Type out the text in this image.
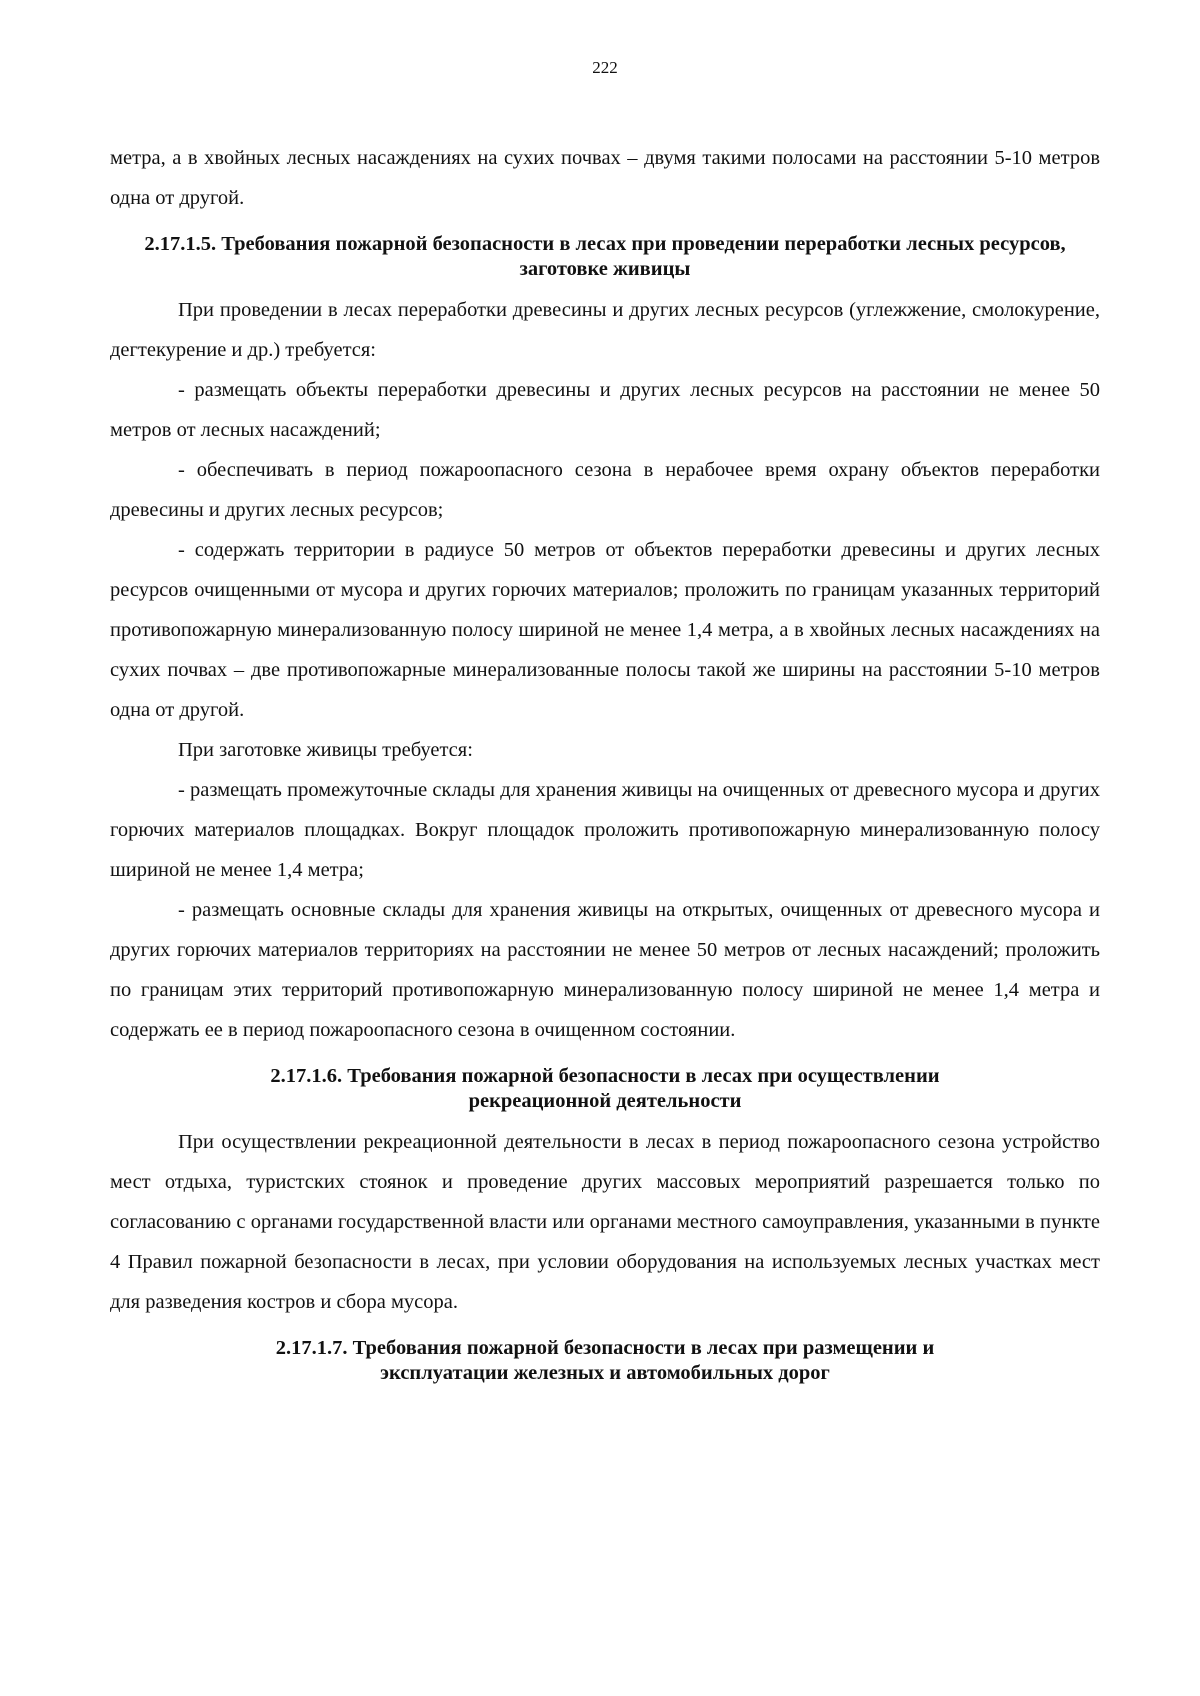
222

метра, а в хвойных лесных насаждениях на сухих почвах – двумя такими полосами на расстоянии 5-10 метров одна от другой.

2.17.1.5. Требования пожарной безопасности в лесах при проведении переработки лесных ресурсов, заготовке живицы

При проведении в лесах переработки древесины и других лесных ресурсов (углежжение, смолокурение, дегтекурение и др.) требуется:

- размещать объекты переработки древесины и других лесных ресурсов на расстоянии не менее 50 метров от лесных насаждений;

- обеспечивать в период пожароопасного сезона в нерабочее время охрану объектов переработки древесины и других лесных ресурсов;

- содержать территории в радиусе 50 метров от объектов переработки древесины и других лесных ресурсов очищенными от мусора и других горючих материалов; проложить по границам указанных территорий противопожарную минерализованную полосу шириной не менее 1,4 метра, а в хвойных лесных насаждениях на сухих почвах – две противопожарные минерализованные полосы такой же ширины на расстоянии 5-10 метров одна от другой.

При заготовке живицы требуется:

- размещать промежуточные склады для хранения живицы на очищенных от древесного мусора и других горючих материалов площадках. Вокруг площадок проложить противопожарную минерализованную полосу шириной не менее 1,4 метра;

- размещать основные склады для хранения живицы на открытых, очищенных от древесного мусора и других горючих материалов территориях на расстоянии не менее 50 метров от лесных насаждений; проложить по границам этих территорий противопожарную минерализованную полосу шириной не менее 1,4 метра и содержать ее в период пожароопасного сезона в очищенном состоянии.

2.17.1.6. Требования пожарной безопасности в лесах при осуществлении рекреационной деятельности

При осуществлении рекреационной деятельности в лесах в период пожароопасного сезона устройство мест отдыха, туристских стоянок и проведение других массовых мероприятий разрешается только по согласованию с органами государственной власти или органами местного самоуправления, указанными в пункте 4 Правил пожарной безопасности в лесах, при условии оборудования на используемых лесных участках мест для разведения костров и сбора мусора.

2.17.1.7. Требования пожарной безопасности в лесах при размещении и эксплуатации железных и автомобильных дорог
